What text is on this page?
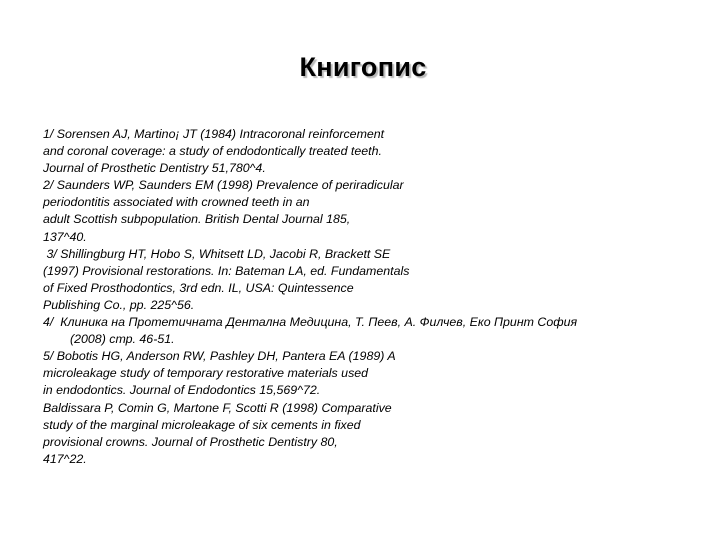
Книгопис
1/ Sorensen AJ, Martino¡ JT (1984) Intracoronal reinforcement
and coronal coverage: a study of endodontically treated teeth.
Journal of Prosthetic Dentistry 51,780^4.
2/ Saunders WP, Saunders EM (1998) Prevalence of periradicular
periodontitis associated with crowned teeth in an
adult Scottish subpopulation. British Dental Journal 185,
137^40.
3/ Shillingburg HT, Hobo S, Whitsett LD, Jacobi R, Brackett SE
(1997) Provisional restorations. In: Bateman LA, ed. Fundamentals
of Fixed Prosthodontics, 3rd edn. IL, USA: Quintessence
Publishing Co., pp. 225^56.
4/  Клиника на Протетичната Дентална Медицина, Т. Пеев, А. Филчев, Еко Принт София
(2008) стр. 46-51.
5/ Bobotis HG, Anderson RW, Pashley DH, Pantera EA (1989) A
microleakage study of temporary restorative materials used
in endodontics. Journal of Endodontics 15,569^72.
Baldissara P, Comin G, Martone F, Scotti R (1998) Comparative
study of the marginal microleakage of six cements in fixed
provisional crowns. Journal of Prosthetic Dentistry 80,
417^22.
